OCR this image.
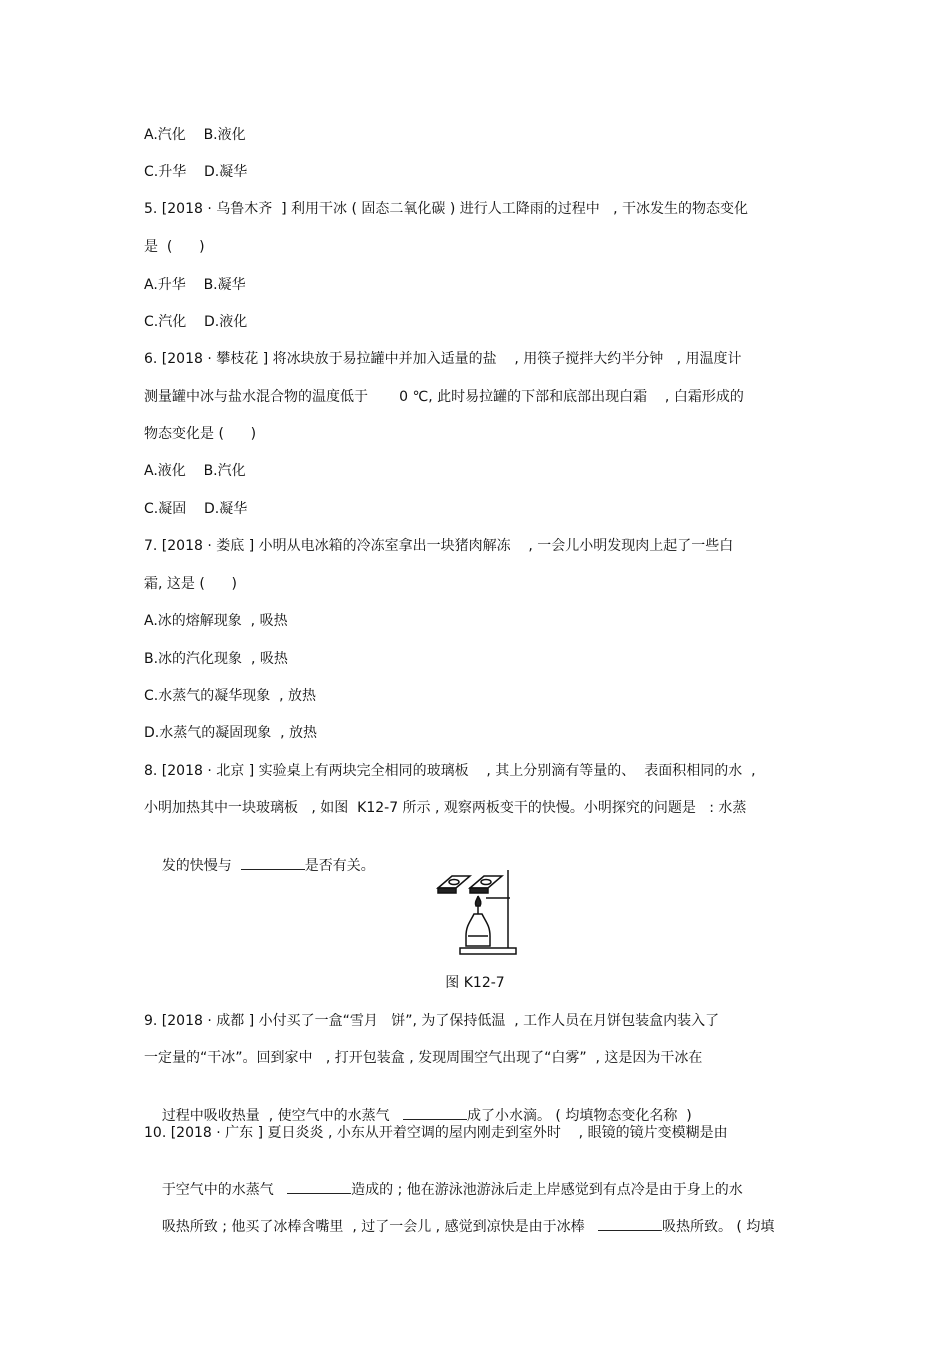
A.汽化    B.液化
C.升华    D.凝华
5. [2018 · 乌鲁木齐  ] 利用干冰 ( 固态二氧化碳 ) 进行人工降雨的过程中   , 干冰发生的物态变化
是  (      )
A.升华    B.凝华
C.汽化    D.液化
6. [2018 · 攀枝花 ] 将冰块放于易拉罐中并加入适量的盐    , 用筷子搅拌大约半分钟   , 用温度计
测量罐中冰与盐水混合物的温度低于       0 ℃, 此时易拉罐的下部和底部出现白霜    , 白霜形成的
物态变化是 (      )
A.液化    B.汽化
C.凝固    D.凝华
7. [2018 · 娄底 ] 小明从电冰箱的冷冻室拿出一块猪肉解冻    , 一会儿小明发现肉上起了一些白
霜, 这是 (      )
A.冰的熔解现象  , 吸热
B.冰的汽化现象  , 吸热
C.水蒸气的凝华现象  , 放热
D.水蒸气的凝固现象  , 放热
8. [2018 · 北京 ] 实验桌上有两块完全相同的玻璃板    , 其上分别滴有等量的、  表面积相同的水  ,
小明加热其中一块玻璃板   , 如图  K12-7 所示 , 观察两板变干的快慢。小明探究的问题是   : 水蒸

发的快慢与	是否有关。

图 K12-7
9. [2018 · 成都 ] 小付买了一盒“雪月   饼”, 为了保持低温  , 工作人员在月饼包装盒内装入了
一定量的“干冰”。回到家中   , 打开包装盒 , 发现周围空气出现了“白雾”  , 这是因为干冰在

过程中吸收热量  , 使空气中的水蒸气	成了小水滴。 ( 均填物态变化名称  )

10. [2018 · 广东 ] 夏日炎炎 , 小东从开着空调的屋内刚走到室外时    , 眼镜的镜片变模糊是由

于空气中的水蒸气	造成的 ; 他在游泳池游泳后走上岸感觉到有点冷是由于身上的水

吸热所致 ; 他买了冰棒含嘴里  , 过了一会儿 , 感觉到凉快是由于冰棒	吸热所致。 ( 均填
